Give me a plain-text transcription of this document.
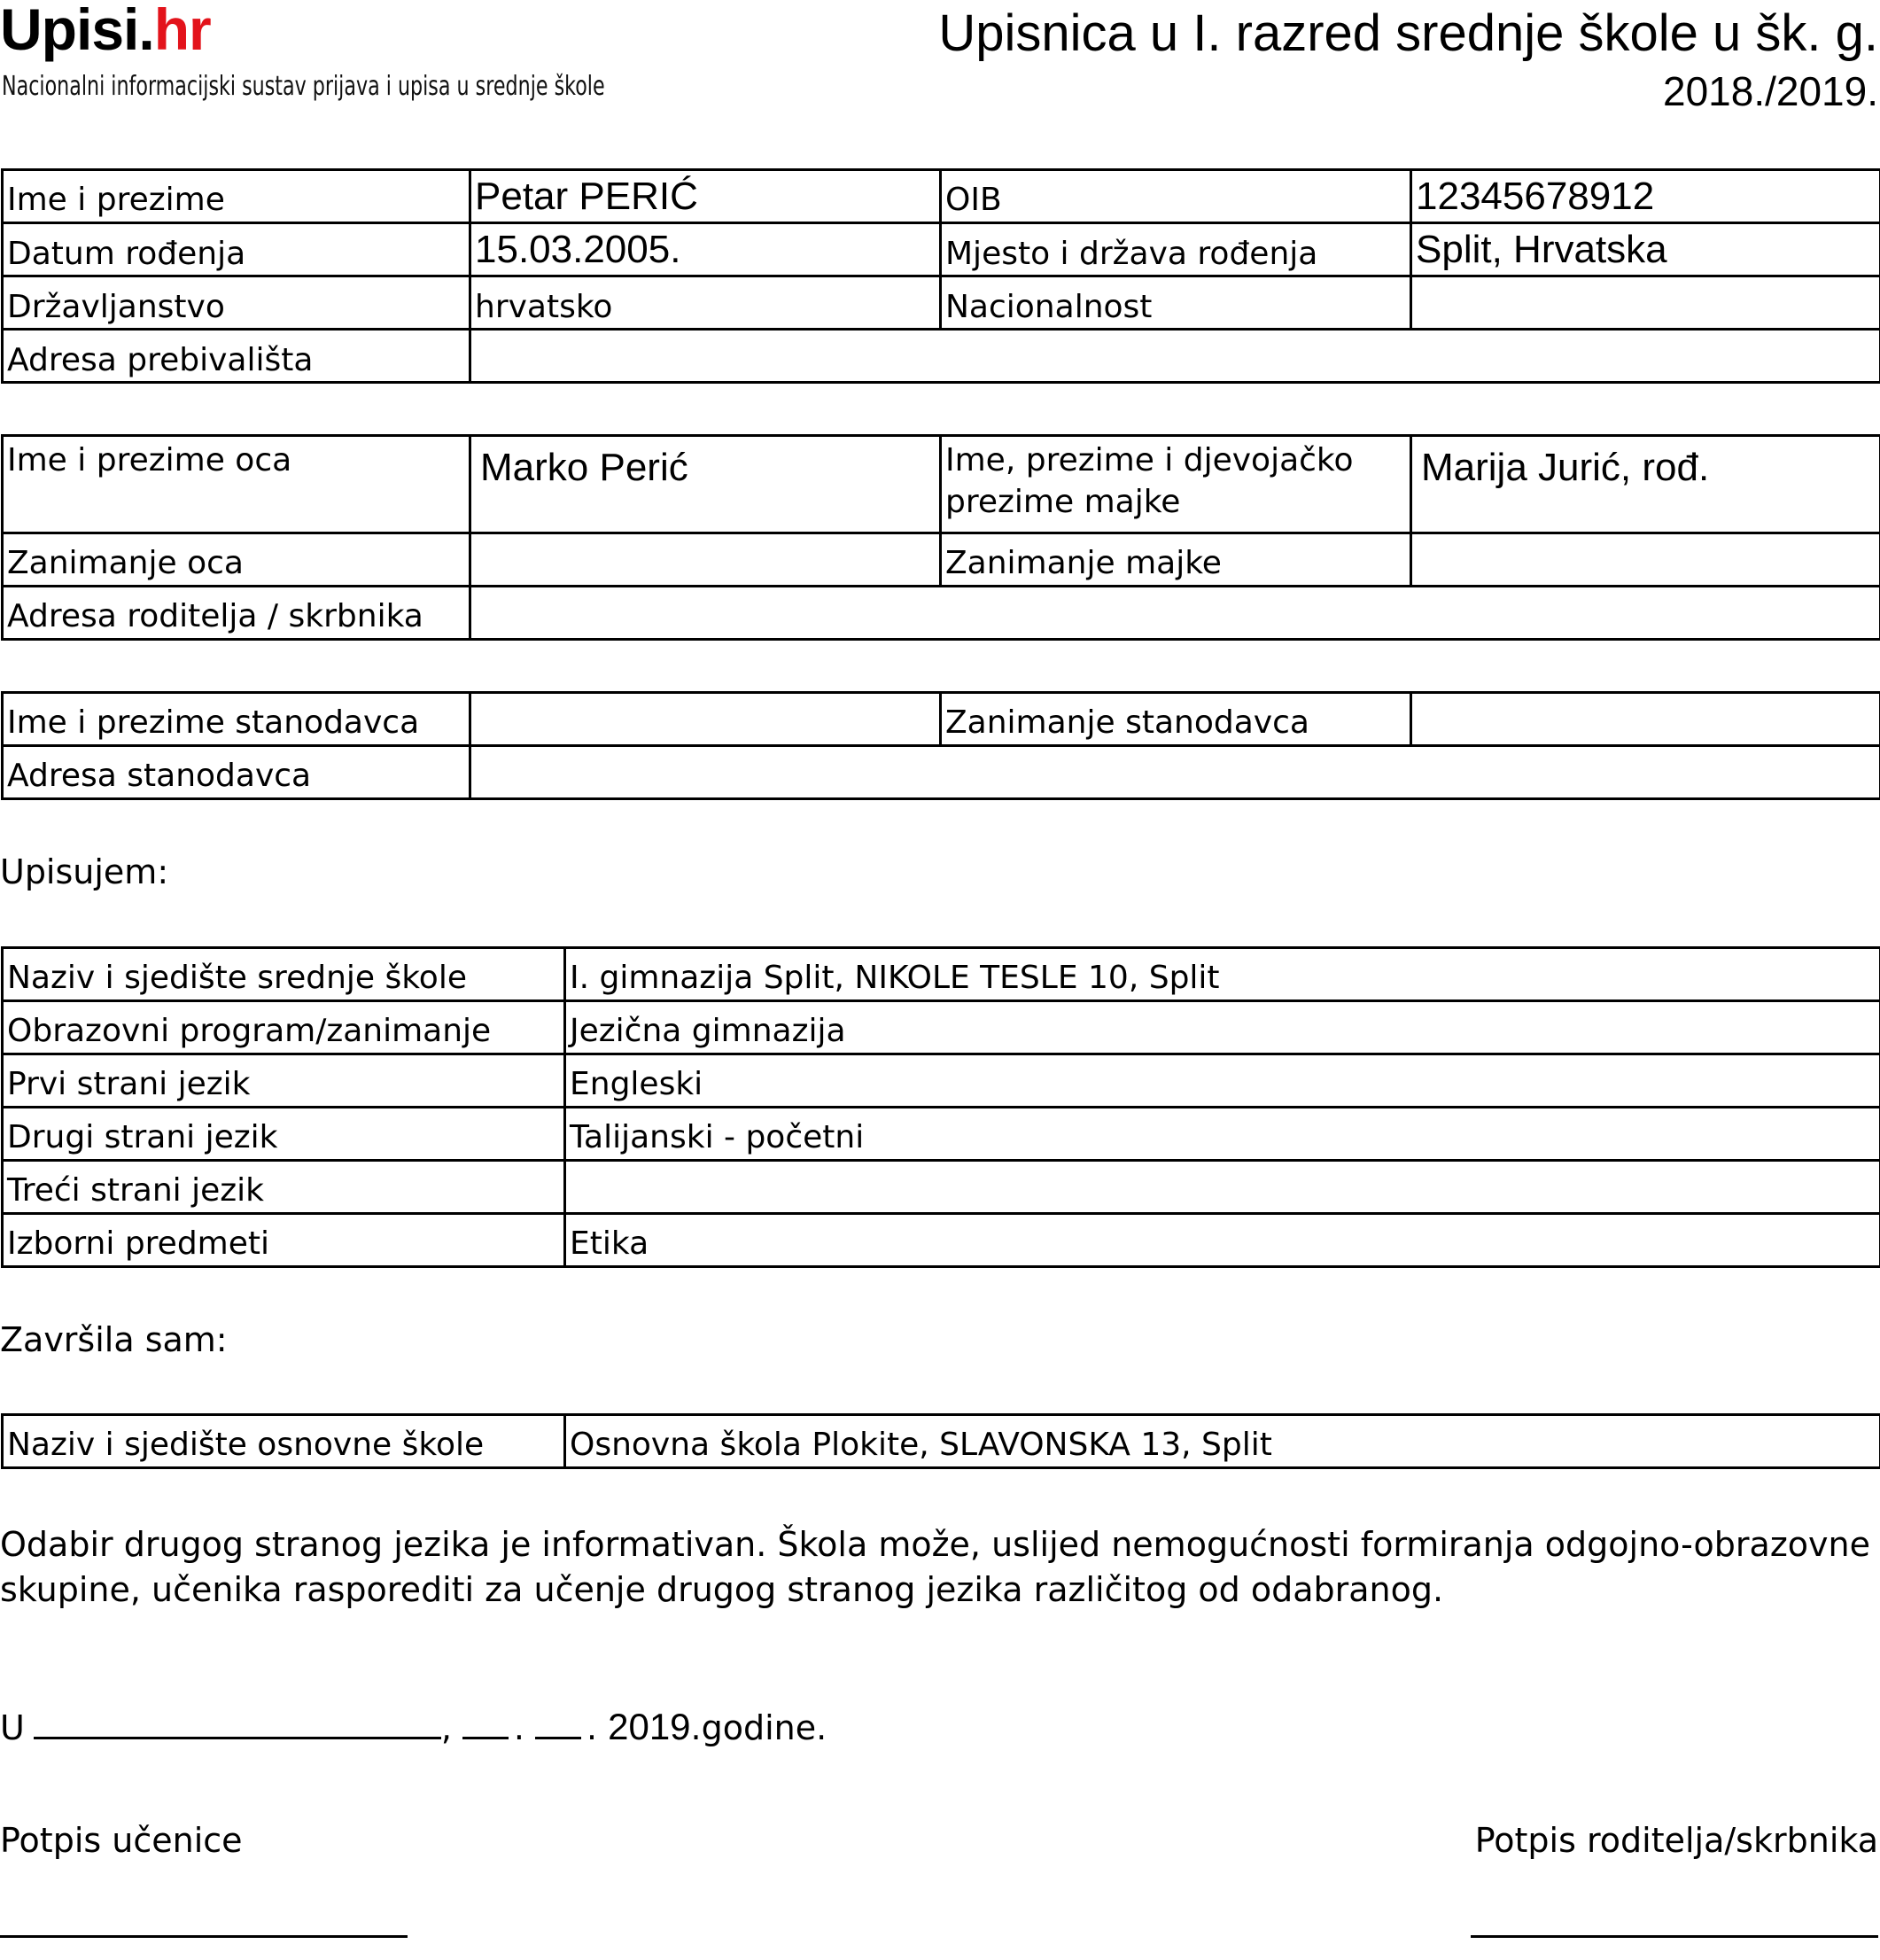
Upisi.hr
Nacionalni informacijski sustav prijava i upisa u srednje škole
Upisnica u I. razred srednje škole u šk. g.
2018./2019.
Ime i prezime	Petar PERIĆ	OIB	12345678912
Datum rođenja	15.03.2005.	Mjesto i država rođenja	Split, Hrvatska
Državljanstvo	hrvatsko	Nacionalnost	
Adresa prebivališta			
Ime i prezime oca	Marko Perić	Ime, prezime i djevojačko prezime majke	Marija Jurić, rođ.
Zanimanje oca		Zanimanje majke	
Adresa roditelja / skrbnika			
Ime i prezime stanodavca		Zanimanje stanodavca	
Adresa stanodavca			
Upisujem:
Naziv i sjedište srednje škole	I. gimnazija Split, NIKOLE TESLE 10, Split
Obrazovni program/zanimanje	Jezična gimnazija
Prvi strani jezik	Engleski
Drugi strani jezik	Talijanski - početni
Treći strani jezik	
Izborni predmeti	Etika
Završila sam:
Naziv i sjedište osnovne škole	Osnovna škola Plokite, SLAVONSKA 13, Split
Odabir drugog stranog jezika je informativan. Škola može, uslijed nemogućnosti formiranja odgojno-obrazovne skupine, učenika rasporediti za učenje drugog stranog jezika različitog od odabranog.
U	, . . 2019 .godine.
Potpis učenice	Potpis roditelja/skrbnika
